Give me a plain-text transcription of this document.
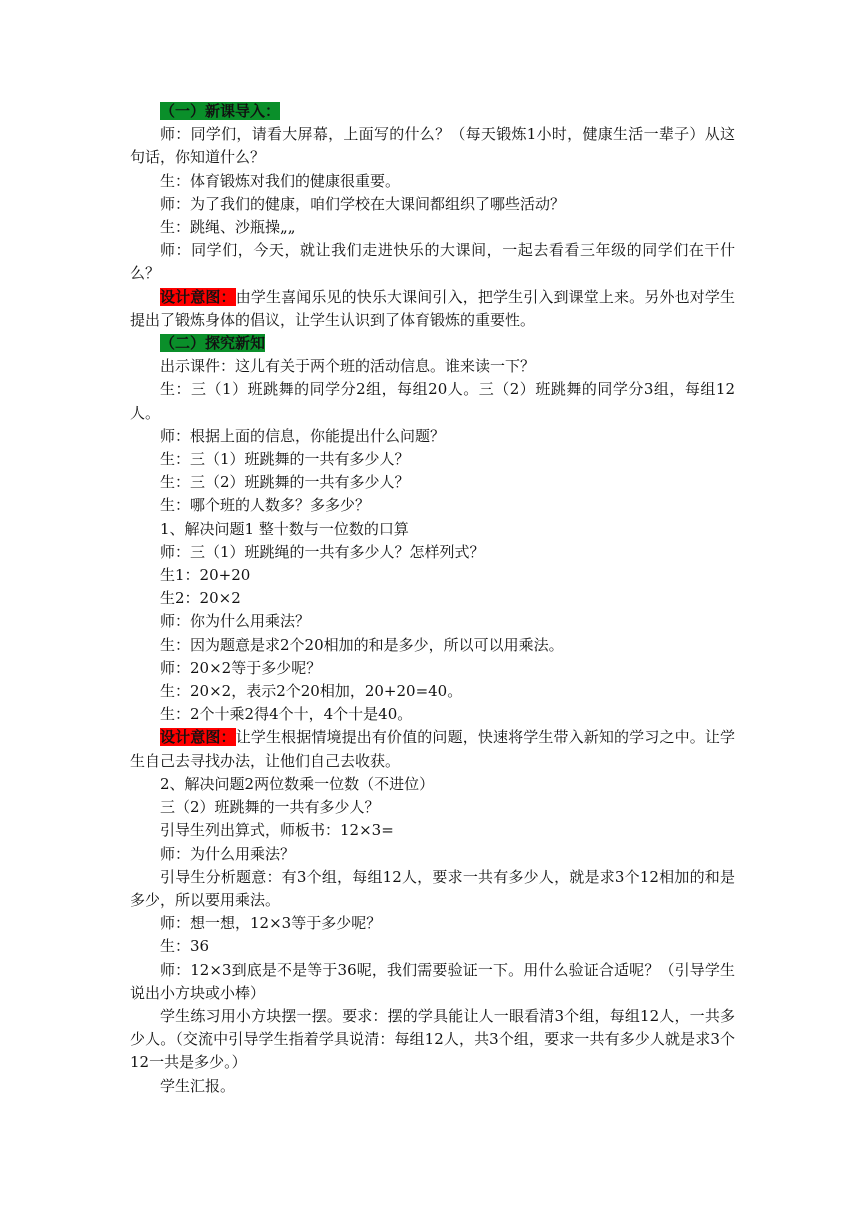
（一）新课导入：

师：同学们，请看大屏幕，上面写的什么？（每天锻炼1小时，健康生活一辈子）从这句话，你知道什么？

生：体育锻炼对我们的健康很重要。

师：为了我们的健康，咱们学校在大课间都组织了哪些活动？

生：跳绳、沙瓶操„„

师：同学们，今天，就让我们走进快乐的大课间，一起去看看三年级的同学们在干什么？

设计意图：由学生喜闻乐见的快乐大课间引入，把学生引入到课堂上来。另外也对学生提出了锻炼身体的倡议，让学生认识到了体育锻炼的重要性。

（二）探究新知

出示课件：这儿有关于两个班的活动信息。谁来读一下？

生：三（1）班跳舞的同学分2组，每组20人。三（2）班跳舞的同学分3组，每组12人。

师：根据上面的信息，你能提出什么问题？

生：三（1）班跳舞的一共有多少人？

生：三（2）班跳舞的一共有多少人？

生：哪个班的人数多？多多少？

1、解决问题1 整十数与一位数的口算

师：三（1）班跳绳的一共有多少人？怎样列式？

生1：20+20

生2：20×2

师：你为什么用乘法？

生：因为题意是求2个20相加的和是多少，所以可以用乘法。

师：20×2等于多少呢？

生：20×2，表示2个20相加，20+20=40。

生：2个十乘2得4个十，4个十是40。

设计意图：让学生根据情境提出有价值的问题，快速将学生带入新知的学习之中。让学生自己去寻找办法，让他们自己去收获。

2、解决问题2两位数乘一位数（不进位）

三（2）班跳舞的一共有多少人？

引导生列出算式，师板书：12×3=

师：为什么用乘法？

引导生分析题意：有3个组，每组12人，要求一共有多少人，就是求3个12相加的和是多少，所以要用乘法。

师：想一想，12×3等于多少呢？

生：36

师：12×3到底是不是等于36呢，我们需要验证一下。用什么验证合适呢？（引导学生说出小方块或小棒）

学生练习用小方块摆一摆。要求：摆的学具能让人一眼看清3个组，每组12人，一共多少人。（交流中引导学生指着学具说清：每组12人，共3个组，要求一共有多少人就是求3个12一共是多少。）

学生汇报。
